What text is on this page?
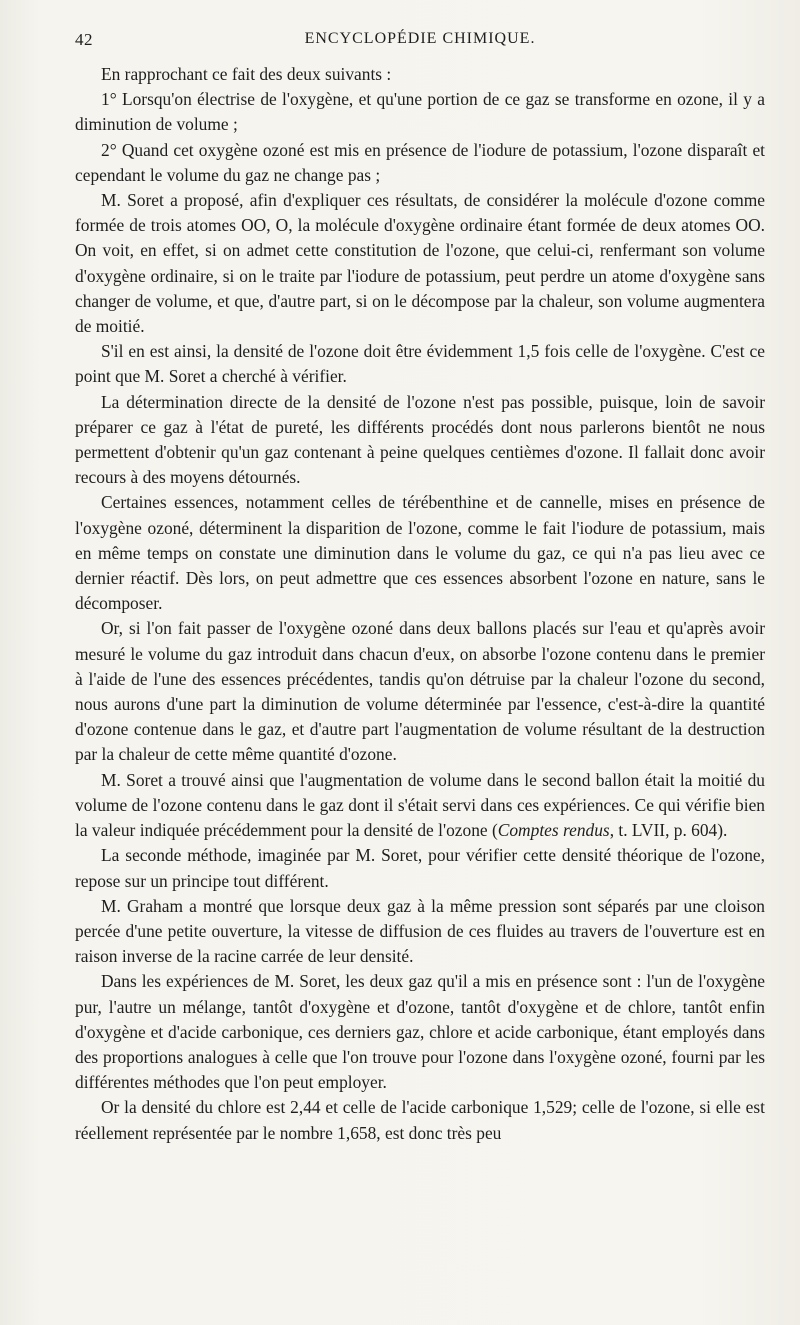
42	ENCYCLOPÉDIE CHIMIQUE.

En rapprochant ce fait des deux suivants :

1° Lorsqu'on électrise de l'oxygène, et qu'une portion de ce gaz se transforme en ozone, il y a diminution de volume ;

2° Quand cet oxygène ozoné est mis en présence de l'iodure de potassium, l'ozone disparaît et cependant le volume du gaz ne change pas ;

M. Soret a proposé, afin d'expliquer ces résultats, de considérer la molécule d'ozone comme formée de trois atomes OO, O, la molécule d'oxygène ordinaire étant formée de deux atomes OO. On voit, en effet, si on admet cette constitution de l'ozone, que celui-ci, renfermant son volume d'oxygène ordinaire, si on le traite par l'iodure de potassium, peut perdre un atome d'oxygène sans changer de volume, et que, d'autre part, si on le décompose par la chaleur, son volume augmentera de moitié.

S'il en est ainsi, la densité de l'ozone doit être évidemment 1,5 fois celle de l'oxygène. C'est ce point que M. Soret a cherché à vérifier.

La détermination directe de la densité de l'ozone n'est pas possible, puisque, loin de savoir préparer ce gaz à l'état de pureté, les différents procédés dont nous parlerons bientôt ne nous permettent d'obtenir qu'un gaz contenant à peine quelques centièmes d'ozone. Il fallait donc avoir recours à des moyens détournés.

Certaines essences, notamment celles de térébenthine et de cannelle, mises en présence de l'oxygène ozoné, déterminent la disparition de l'ozone, comme le fait l'iodure de potassium, mais en même temps on constate une diminution dans le volume du gaz, ce qui n'a pas lieu avec ce dernier réactif. Dès lors, on peut admettre que ces essences absorbent l'ozone en nature, sans le décomposer.

Or, si l'on fait passer de l'oxygène ozoné dans deux ballons placés sur l'eau et qu'après avoir mesuré le volume du gaz introduit dans chacun d'eux, on absorbe l'ozone contenu dans le premier à l'aide de l'une des essences précédentes, tandis qu'on détruise par la chaleur l'ozone du second, nous aurons d'une part la diminution de volume déterminée par l'essence, c'est-à-dire la quantité d'ozone contenue dans le gaz, et d'autre part l'augmentation de volume résultant de la destruction par la chaleur de cette même quantité d'ozone.

M. Soret a trouvé ainsi que l'augmentation de volume dans le second ballon était la moitié du volume de l'ozone contenu dans le gaz dont il s'était servi dans ces expériences. Ce qui vérifie bien la valeur indiquée précédemment pour la densité de l'ozone (Comptes rendus, t. LVII, p. 604).

La seconde méthode, imaginée par M. Soret, pour vérifier cette densité théorique de l'ozone, repose sur un principe tout différent.

M. Graham a montré que lorsque deux gaz à la même pression sont séparés par une cloison percée d'une petite ouverture, la vitesse de diffusion de ces fluides au travers de l'ouverture est en raison inverse de la racine carrée de leur densité.

Dans les expériences de M. Soret, les deux gaz qu'il a mis en présence sont : l'un de l'oxygène pur, l'autre un mélange, tantôt d'oxygène et d'ozone, tantôt d'oxygène et de chlore, tantôt enfin d'oxygène et d'acide carbonique, ces derniers gaz, chlore et acide carbonique, étant employés dans des proportions analogues à celle que l'on trouve pour l'ozone dans l'oxygène ozoné, fourni par les différentes méthodes que l'on peut employer.

Or la densité du chlore est 2,44 et celle de l'acide carbonique 1,529; celle de l'ozone, si elle est réellement représentée par le nombre 1,658, est donc très peu
